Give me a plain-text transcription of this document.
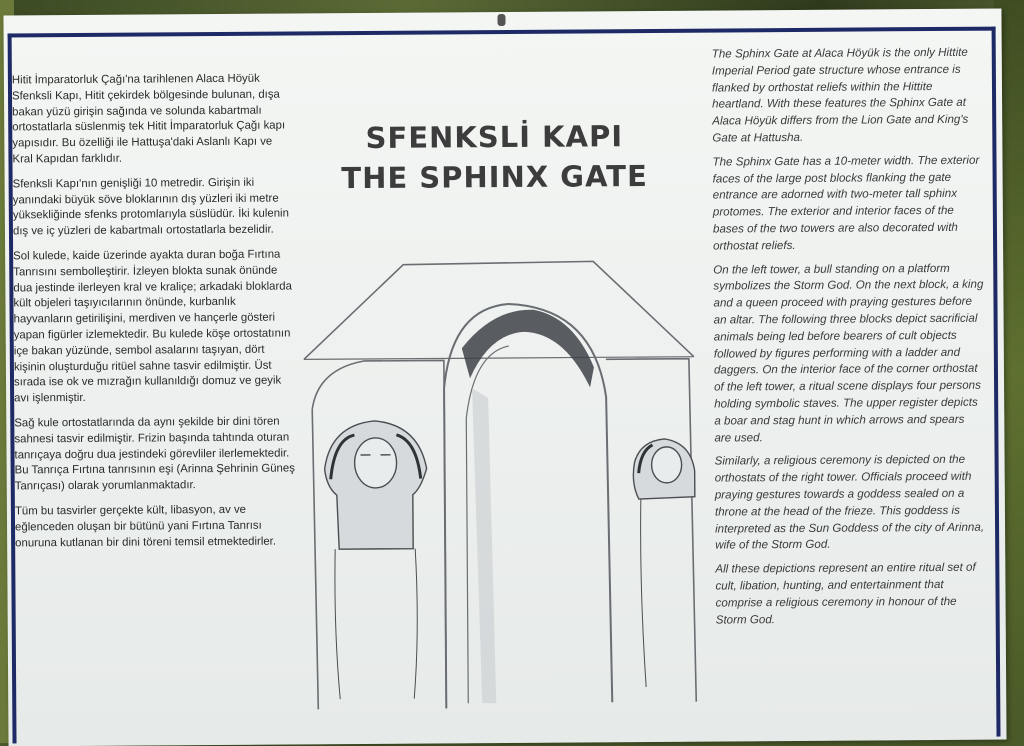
Hitit İmparatorluk Çağı'na tarihlenen Alaca Höyük Sfenksli Kapı, Hitit çekirdek bölgesinde bulunan, dışa bakan yüzü girişin sağında ve solunda kabartmalı ortostatlarla süslenmiş tek Hitit İmparatorluk Çağı kapı yapısıdır. Bu özelliği ile Hattuşa'daki Aslanlı Kapı ve Kral Kapıdan farklıdır.

Sfenksli Kapı'nın genişliği 10 metredir. Girişin iki yanındaki büyük söve bloklarının dış yüzleri iki metre yüksekliğinde sfenks protomlarıyla süslüdür. İki kulenin dış ve iç yüzleri de kabartmalı ortostatlarla bezelidir.

Sol kulede, kaide üzerinde ayakta duran boğa Fırtına Tanrısını sembolleştirir. İzleyen blokta sunak önünde dua jestinde ilerleyen kral ve kraliçe; arkadaki bloklarda kült objeleri taşıyıcılarının önünde, kurbanlık hayvanların getirilişini, merdiven ve hançerle gösteri yapan figürler izlemektedir. Bu kulede köşe ortostatının içe bakan yüzünde, sembol asalarını taşıyan, dört kişinin oluşturduğu ritüel sahne tasvir edilmiştir. Üst sırada ise ok ve mızrağın kullanıldığı domuz ve geyik avı işlenmiştir.

Sağ kule ortostatlarında da aynı şekilde bir dini tören sahnesi tasvir edilmiştir. Frizin başında tahtında oturan tanrıçaya doğru dua jestindeki görevliler ilerlemektedir. Bu Tanrıça Fırtına tanrısının eşi (Arinna Şehrinin Güneş Tanrıçası) olarak yorumlanmaktadır.

Tüm bu tasvirler gerçekte kült, libasyon, av ve eğlenceden oluşan bir bütünü yani Fırtına Tanrısı onuruna kutlanan bir dini töreni temsil etmektedirler.

SFENKSLİ KAPI
THE SPHINX GATE

The Sphinx Gate at Alaca Höyük is the only Hittite Imperial Period gate structure whose entrance is flanked by orthostat reliefs within the Hittite heartland. With these features the Sphinx Gate at Alaca Höyük differs from the Lion Gate and King's Gate at Hattusha.

The Sphinx Gate has a 10-meter width. The exterior faces of the large post blocks flanking the gate entrance are adorned with two-meter tall sphinx protomes. The exterior and interior faces of the bases of the two towers are also decorated with orthostat reliefs.

On the left tower, a bull standing on a platform symbolizes the Storm God. On the next block, a king and a queen proceed with praying gestures before an altar. The following three blocks depict sacrificial animals being led before bearers of cult objects followed by figures performing with a ladder and daggers. On the interior face of the corner orthostat of the left tower, a ritual scene displays four persons holding symbolic staves. The upper register depicts a boar and stag hunt in which arrows and spears are used.

Similarly, a religious ceremony is depicted on the orthostats of the right tower. Officials proceed with praying gestures towards a goddess sealed on a throne at the head of the frieze. This goddess is interpreted as the Sun Goddess of the city of Arinna, wife of the Storm God.

All these depictions represent an entire ritual set of cult, libation, hunting, and entertainment that comprise a religious ceremony in honour of the Storm God.
